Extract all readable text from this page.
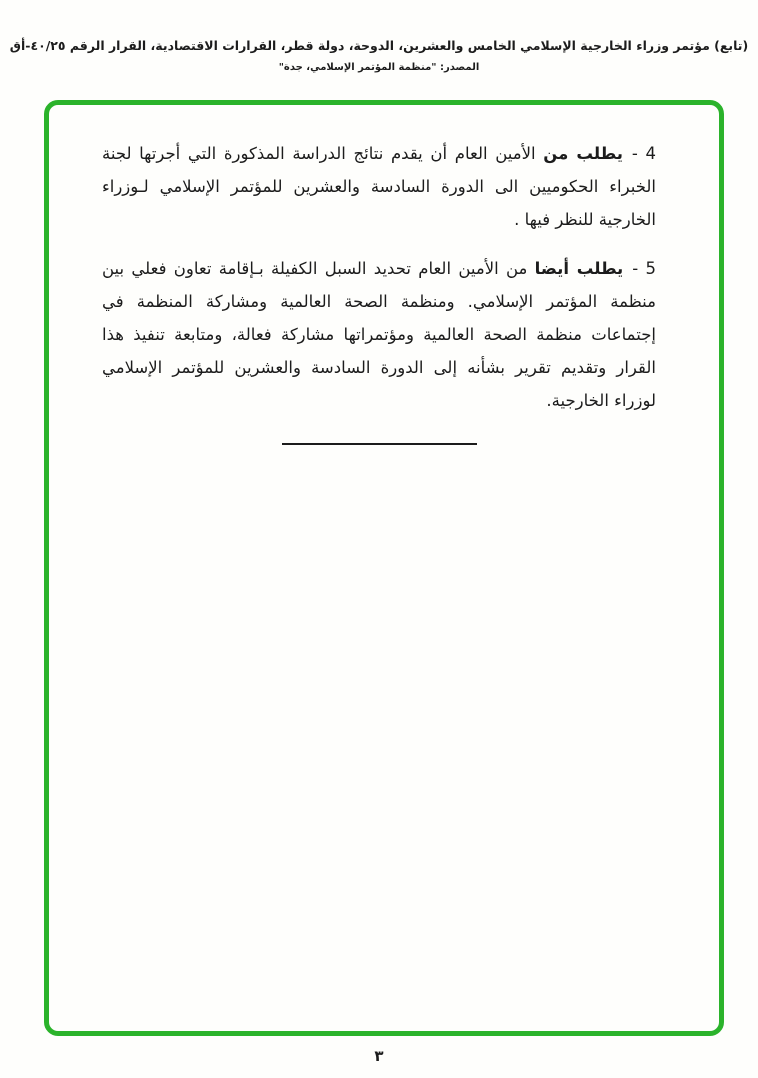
(تابع) مؤتمر وزراء الخارجية الإسلامي الخامس والعشرين، الدوحة، دولة قطر، القرارات الاقتصادية، القرار الرقم ٤٠/٢٥-أق
المصدر: "منظمة المؤتمر الإسلامي، جدة"

4 -يطلب من الأمين العام أن يقدم نتائج الدراسة المذكورة التي أجرتها لجنة الخبراء الحكوميين الى الدورة السادسة والعشرين للمؤتمر الإسلامي لـوزراء الخارجية للنظر فيها .

5 -يطلب أيضا من الأمين العام تحديد السبل الكفيلة بـإقامة تعاون فعلي بين منظمة المؤتمر الإسلامي. ومنظمة الصحة العالمية ومشاركة المنظمة في إجتماعات منظمة الصحة العالمية ومؤتمراتها مشاركة فعالة، ومتابعة تنفيذ هذا القرار وتقديم تقرير بشأنه إلى الدورة السادسة والعشرين للمؤتمر الإسلامي لوزراء الخارجية.

٣
